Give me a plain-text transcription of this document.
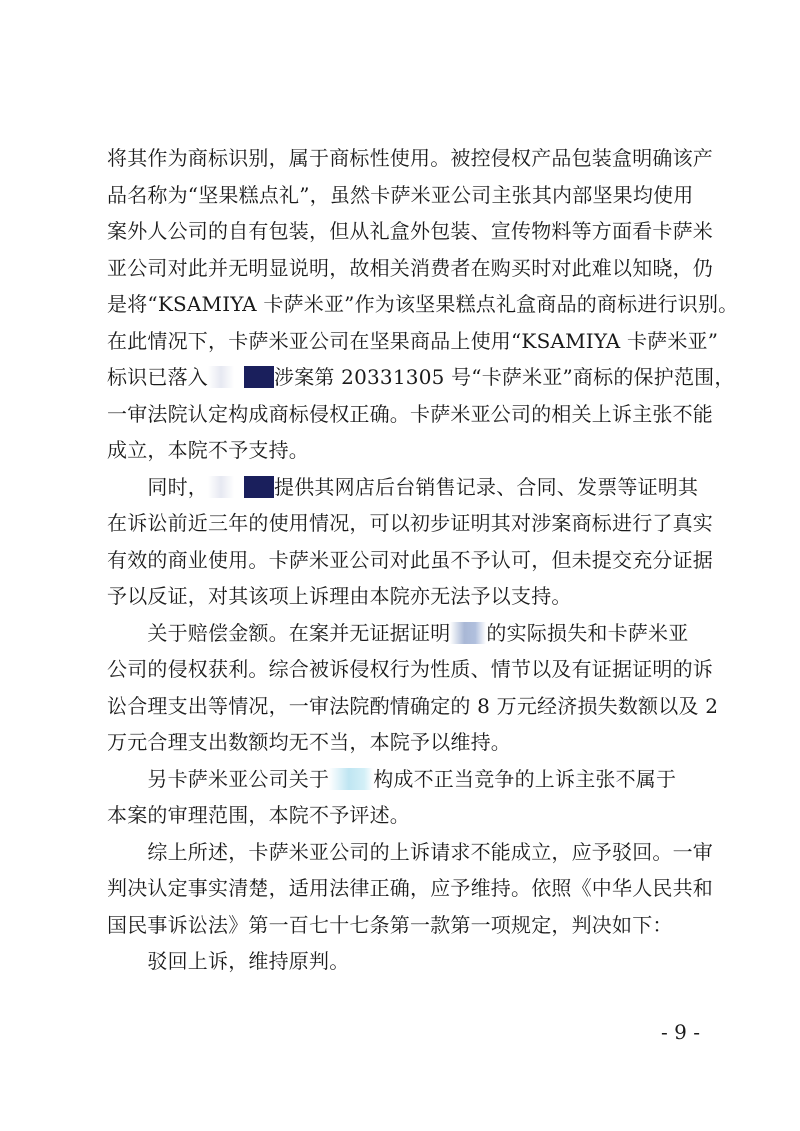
将其作为商标识别，属于商标性使用。被控侵权产品包装盒明确该产
品名称为“坚果糕点礼”，虽然卡萨米亚公司主张其内部坚果均使用
案外人公司的自有包装，但从礼盒外包装、宣传物料等方面看卡萨米
亚公司对此并无明显说明，故相关消费者在购买时对此难以知晓，仍
是将“KSAMIYA 卡萨米亚”作为该坚果糕点礼盒商品的商标进行识别。
在此情况下，卡萨米亚公司在坚果商品上使用“KSAMIYA 卡萨米亚”
标识已落入	涉案第 20331305 号“卡萨米亚”商标的保护范围，
一审法院认定构成商标侵权正确。卡萨米亚公司的相关上诉主张不能
成立，本院不予支持。
　　同时，	提供其网店后台销售记录、合同、发票等证明其
在诉讼前近三年的使用情况，可以初步证明其对涉案商标进行了真实
有效的商业使用。卡萨米亚公司对此虽不予认可，但未提交充分证据
予以反证，对其该项上诉理由本院亦无法予以支持。
　　关于赔偿金额。在案并无证据证明 的实际损失和卡萨米亚
公司的侵权获利。综合被诉侵权行为性质、情节以及有证据证明的诉
讼合理支出等情况，一审法院酌情确定的 8 万元经济损失数额以及 2
万元合理支出数额均无不当，本院予以维持。
　　另卡萨米亚公司关于 构成不正当竞争的上诉主张不属于
本案的审理范围，本院不予评述。
　　综上所述，卡萨米亚公司的上诉请求不能成立，应予驳回。一审
判决认定事实清楚，适用法律正确，应予维持。依照《中华人民共和
国民事诉讼法》第一百七十七条第一款第一项规定，判决如下：
　　驳回上诉，维持原判。
- 9 -
